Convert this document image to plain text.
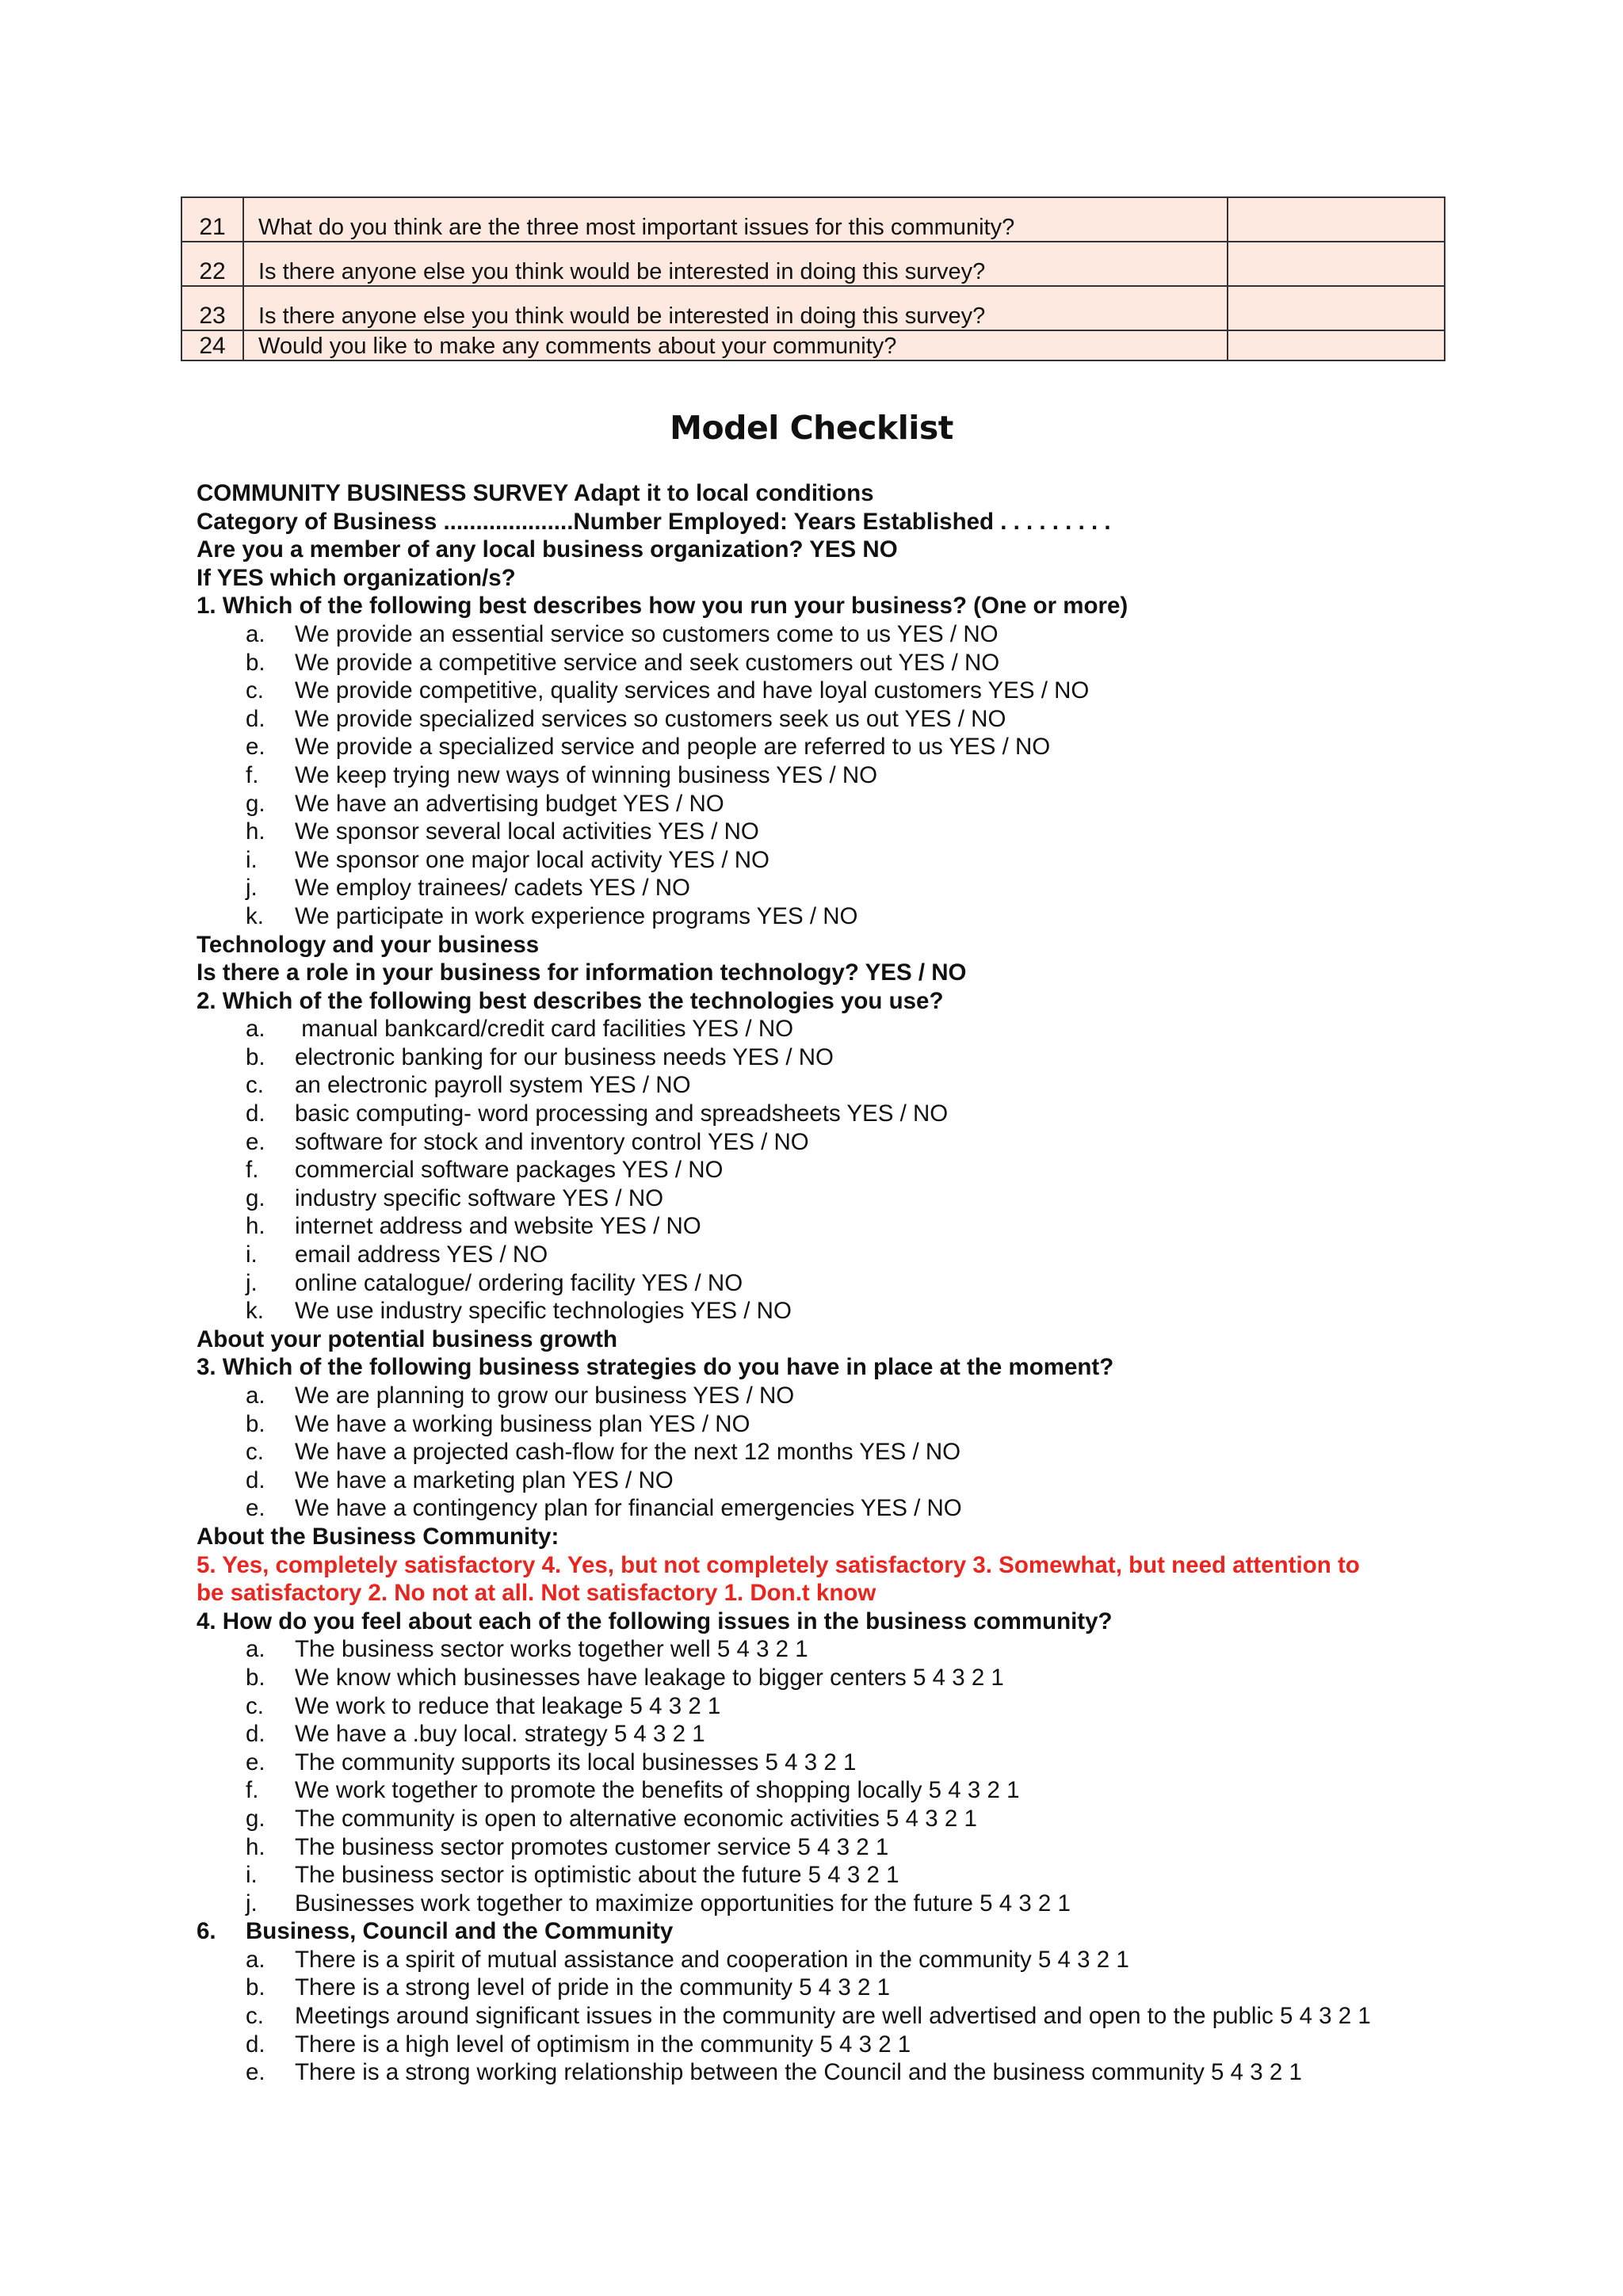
21	What do you think are the three most important issues for this community?	
22	Is there anyone else you think would be interested in doing this survey?	
23	Is there anyone else you think would be interested in doing this survey?	
24	Would you like to make any comments about your community?	
Model Checklist
COMMUNITY BUSINESS SURVEY Adapt it to local conditions
Category of Business ....................Number Employed: Years Established . . . . . . . . .
Are you a member of any local business organization? YES NO
If YES which organization/s?
1. Which of the following best describes how you run your business? (One or more)
a. We provide an essential service so customers come to us YES / NO
b. We provide a competitive service and seek customers out YES / NO
c. We provide competitive, quality services and have loyal customers YES / NO
d. We provide specialized services so customers seek us out YES / NO
e. We provide a specialized service and people are referred to us YES / NO
f. We keep trying new ways of winning business YES / NO
g. We have an advertising budget YES / NO
h. We sponsor several local activities YES / NO
i. We sponsor one major local activity YES / NO
j. We employ trainees/ cadets YES / NO
k. We participate in work experience programs YES / NO
Technology and your business
Is there a role in your business for information technology? YES / NO
2. Which of the following best describes the technologies you use?
a. manual bankcard/credit card facilities YES / NO
b. electronic banking for our business needs YES / NO
c. an electronic payroll system YES / NO
d. basic computing- word processing and spreadsheets YES / NO
e. software for stock and inventory control YES / NO
f. commercial software packages YES / NO
g. industry specific software YES / NO
h. internet address and website YES / NO
i. email address YES / NO
j. online catalogue/ ordering facility YES / NO
k. We use industry specific technologies YES / NO
About your potential business growth
3. Which of the following business strategies do you have in place at the moment?
a. We are planning to grow our business YES / NO
b. We have a working business plan YES / NO
c. We have a projected cash-flow for the next 12 months YES / NO
d. We have a marketing plan YES / NO
e. We have a contingency plan for financial emergencies YES / NO
About the Business Community:
5. Yes, completely satisfactory 4. Yes, but not completely satisfactory 3. Somewhat, but need attention to
be satisfactory 2. No not at all. Not satisfactory 1. Don.t know
4. How do you feel about each of the following issues in the business community?
a. The business sector works together well 5 4 3 2 1
b. We know which businesses have leakage to bigger centers 5 4 3 2 1
c. We work to reduce that leakage 5 4 3 2 1
d. We have a .buy local. strategy 5 4 3 2 1
e. The community supports its local businesses 5 4 3 2 1
f. We work together to promote the benefits of shopping locally 5 4 3 2 1
g. The community is open to alternative economic activities 5 4 3 2 1
h. The business sector promotes customer service 5 4 3 2 1
i. The business sector is optimistic about the future 5 4 3 2 1
j. Businesses work together to maximize opportunities for the future 5 4 3 2 1
6. Business, Council and the Community
a. There is a spirit of mutual assistance and cooperation in the community 5 4 3 2 1
b. There is a strong level of pride in the community 5 4 3 2 1
c. Meetings around significant issues in the community are well advertised and open to the public 5 4 3 2 1
d. There is a high level of optimism in the community 5 4 3 2 1
e. There is a strong working relationship between the Council and the business community 5 4 3 2 1
